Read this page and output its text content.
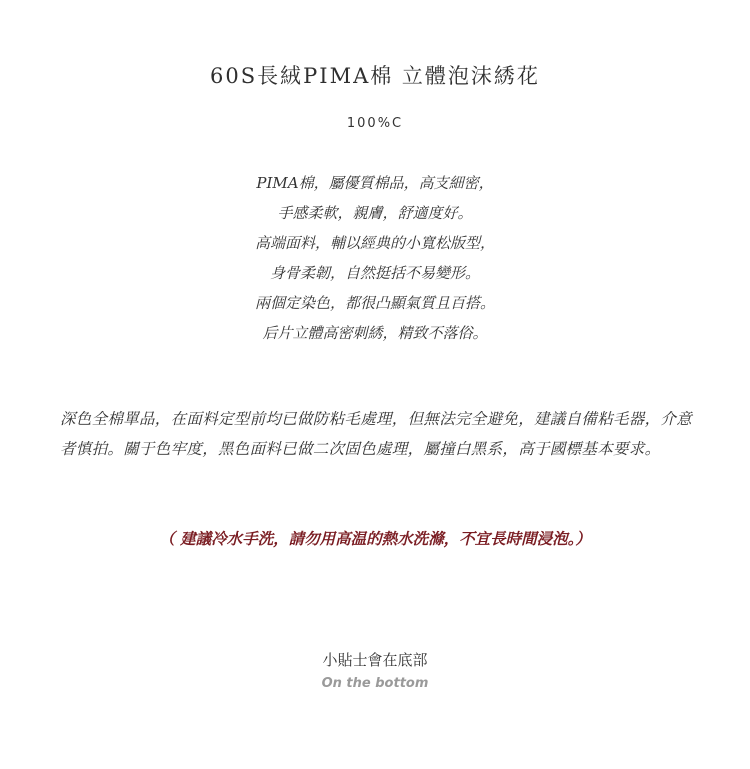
60S長絨PIMA棉 立體泡沫綉花
100%C
PIMA棉，屬優質棉品，高支細密，
手感柔軟，親膚，舒適度好。
高端面料，輔以經典的小寬松版型，
身骨柔韌，自然挺括不易變形。
兩個定染色，都很凸顯氣質且百搭。
后片立體高密刺綉，精致不落俗。
深色全棉單品，在面料定型前均已做防粘毛處理，但無法完全避免，建議自備粘毛器，介意者慎拍。關于色牢度，黑色面料已做二次固色處理，屬撞白黑系，高于國標基本要求。
（ 建議冷水手洗，請勿用高温的熱水洗滌，不宜長時間浸泡。）
小貼士會在底部
On the bottom
